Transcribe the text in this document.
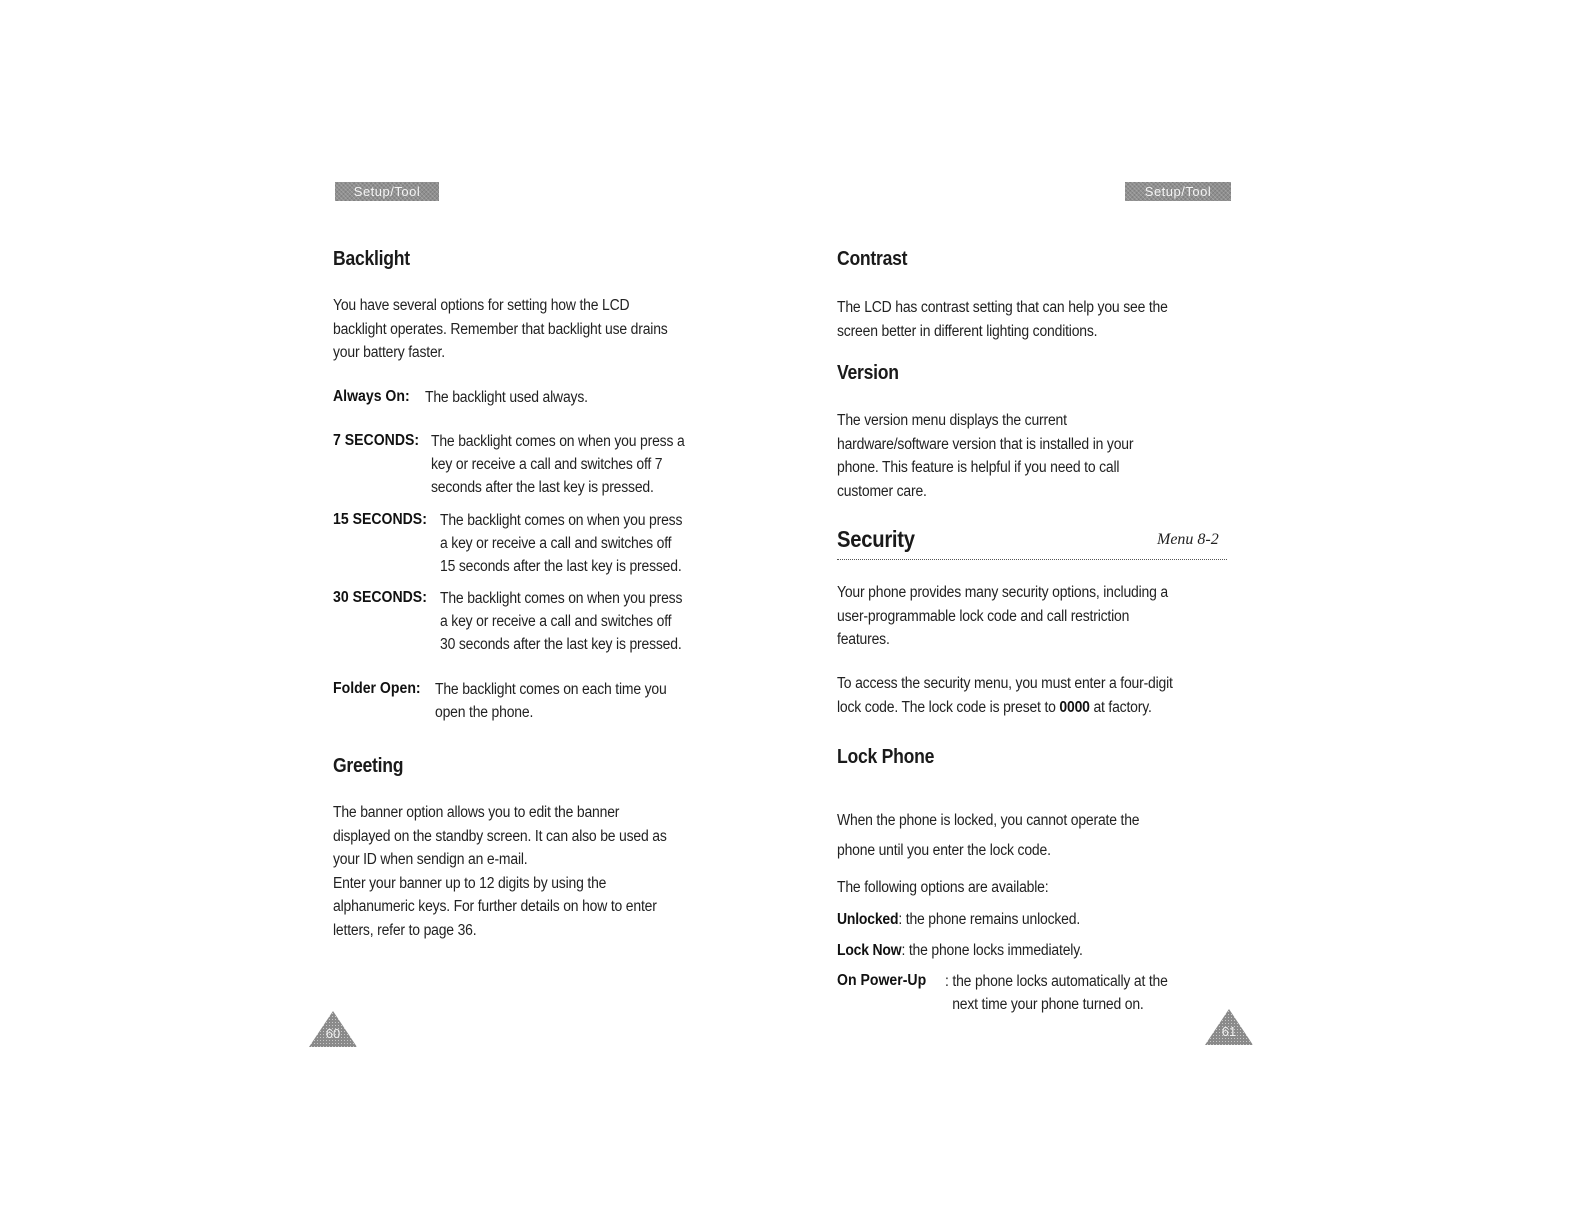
Setup/Tool
Backlight
You have several options for setting how the LCD
backlight operates. Remember that backlight use drains
your battery faster.
Always On: The backlight used always.
7 SECONDS: The backlight comes on when you press a
key or receive a call and switches off 7
seconds after the last key is pressed.
15 SECONDS: The backlight comes on when you press
a key or receive a call and switches off
15 seconds after the last key is pressed.
30 SECONDS: The backlight comes on when you press
a key or receive a call and switches off
30 seconds after the last key is pressed.
Folder Open: The backlight comes on each time you
open the phone.
Greeting
The banner option allows you to edit the banner
displayed on the standby screen. It can also be used as
your ID when sendign an e-mail.
Enter your banner up to 12 digits by using the
alphanumeric keys. For further details on how to enter
letters, refer to page 36.
60
Setup/Tool
Contrast
The LCD has contrast setting that can help you see the
screen better in different lighting conditions.
Version
The version menu displays the current
hardware/software version that is installed in your
phone. This feature is helpful if you need to call
customer care.
Security	Menu 8-2
Your phone provides many security options, including a
user-programmable lock code and call restriction
features.
To access the security menu, you must enter a four-digit
lock code. The lock code is preset to 0000 at factory.
Lock Phone
When the phone is locked, you cannot operate the
phone until you enter the lock code.
The following options are available:
Unlocked: the phone remains unlocked.
Lock Now: the phone locks immediately.
On Power-Up : the phone locks automatically at the
next time your phone turned on.
61
